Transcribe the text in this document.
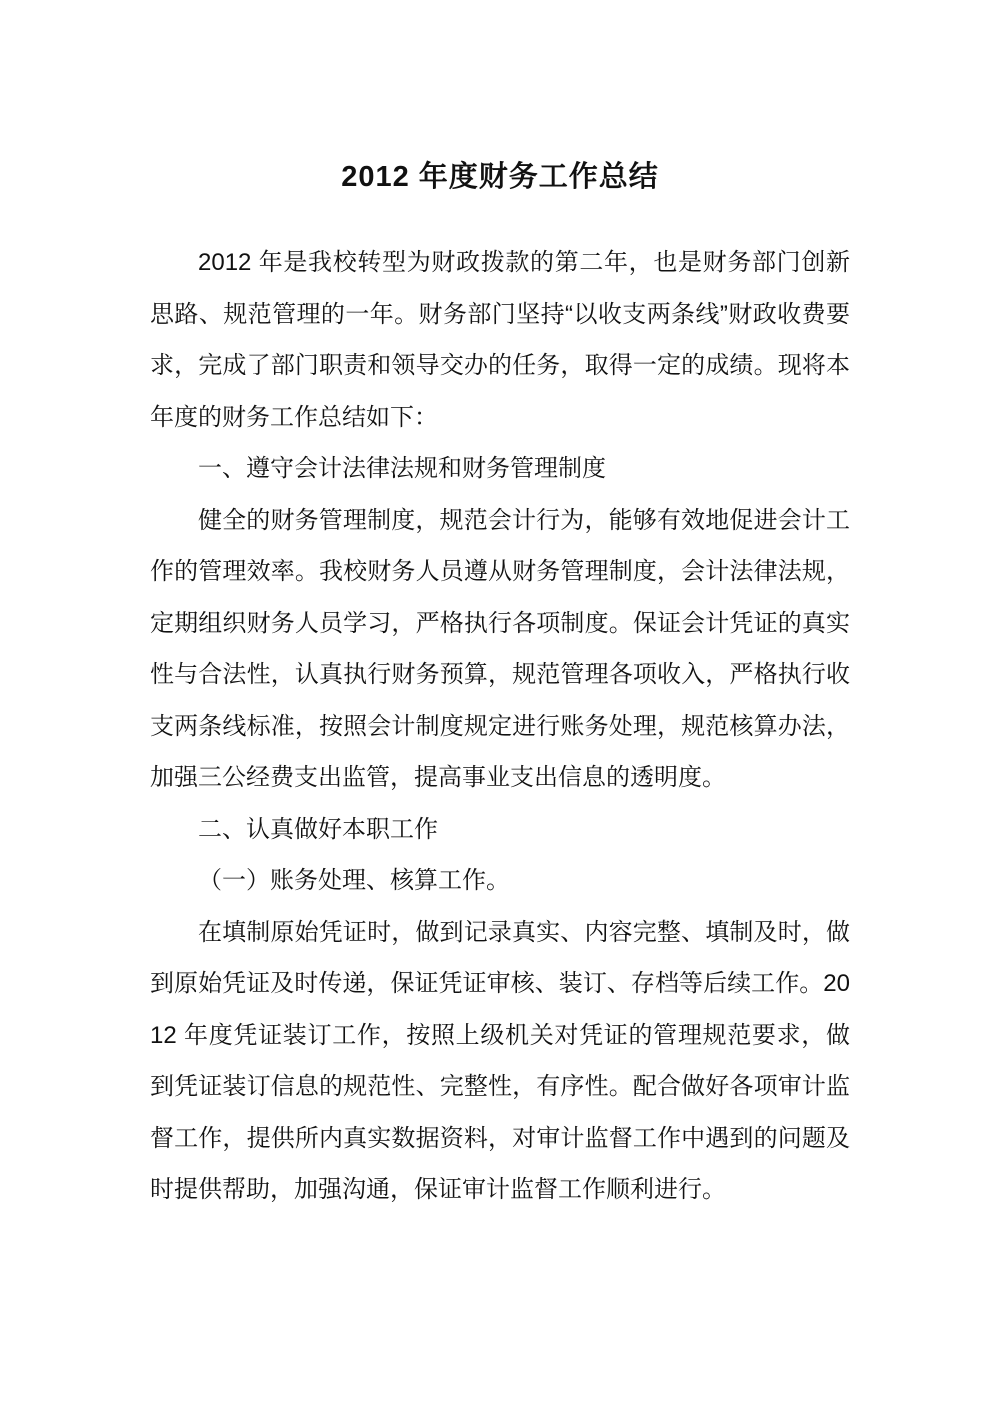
2012 年度财务工作总结

2012 年是我校转型为财政拨款的第二年，也是财务部门创新思路、规范管理的一年。财务部门坚持“以收支两条线”财政收费要求，完成了部门职责和领导交办的任务，取得一定的成绩。现将本年度的财务工作总结如下：

一、遵守会计法律法规和财务管理制度

健全的财务管理制度，规范会计行为，能够有效地促进会计工作的管理效率。我校财务人员遵从财务管理制度，会计法律法规，定期组织财务人员学习，严格执行各项制度。保证会计凭证的真实性与合法性，认真执行财务预算，规范管理各项收入，严格执行收支两条线标准，按照会计制度规定进行账务处理，规范核算办法，加强三公经费支出监管，提高事业支出信息的透明度。

二、认真做好本职工作

（一）账务处理、核算工作。

在填制原始凭证时，做到记录真实、内容完整、填制及时，做到原始凭证及时传递，保证凭证审核、装订、存档等后续工作。2012 年度凭证装订工作，按照上级机关对凭证的管理规范要求，做到凭证装订信息的规范性、完整性，有序性。配合做好各项审计监督工作，提供所内真实数据资料，对审计监督工作中遇到的问题及时提供帮助，加强沟通，保证审计监督工作顺利进行。
